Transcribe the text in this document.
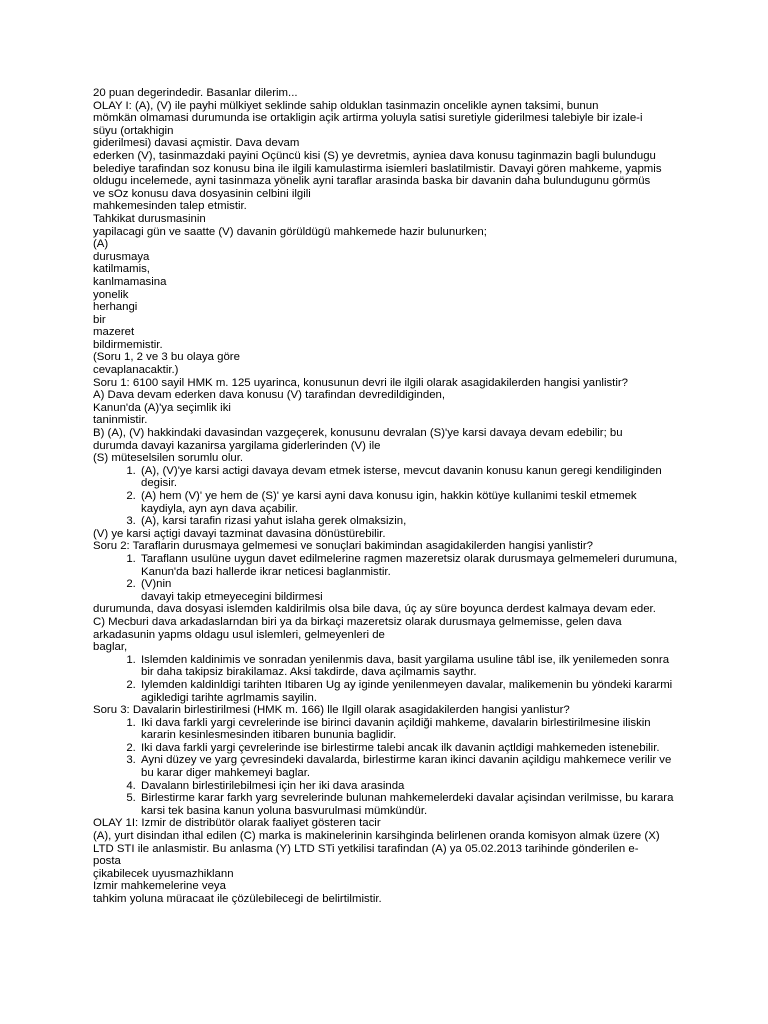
20 puan degerindedir. Basanlar dilerim...
OLAY I: (A), (V) ile payhi mülkiyet seklinde sahip olduklan tasinmazin oncelikle aynen taksimi, bunun
mömkän olmamasi durumunda ise ortakligin açik artirma yoluyla satisi suretiyle giderilmesi talebiyle bir izale-i
süyu (ortakhigin
giderilmesi) davasi açmistir. Dava devam
ederken (V), tasinmazdaki payini Oçüncü kisi (S) ye devretmis, ayniea dava konusu taginmazin bagli bulundugu
belediye tarafindan soz konusu bina ile ilgili kamulastirma isiemleri baslatilmistir. Davayi gören mahkeme, yapmis
oldugu incelemede, ayni tasinmaza yönelik ayni taraflar arasinda baska bir davanin daha bulundugunu görmüs
ve sOz konusu dava dosyasinin celbini ilgili
mahkemesinden talep etmistir.
Tahkikat durusmasinin
yapilacagi gün ve saatte (V) davanin görüldügü mahkemede hazir bulunurken;
(A)
durusmaya
katilmamis,
kanlmamasina
yonelik
herhangi
bir
mazeret
bildirmemistir.
(Soru 1, 2 ve 3 bu olaya göre
cevaplanacaktir.)
Soru 1: 6100 sayil HMK m. 125 uyarinca, konusunun devri ile ilgili olarak asagidakilerden hangisi yanlistir?
A) Dava devam ederken dava konusu (V) tarafindan devredildiginden,
Kanun'da (A)'ya seçimlik iki
taninmistir.
B) (A), (V) hakkindaki davasindan vazgeçerek, konusunu devralan (S)'ye karsi davaya devam edebilir; bu
durumda davayi kazanirsa yargilama giderlerinden (V) ile
(S) müteselsilen sorumlu olur.
1. (A), (V)'ye karsi actigi davaya devam etmek isterse, mevcut davanin konusu kanun geregi kendiliginden degisir.
2. (A) hem (V)' ye hem de (S)' ye karsi ayni dava konusu igin, hakkin kötüye kullanimi teskil etmemek kaydiyla, ayn ayn dava açabilir.
3. (A), karsi tarafin rizasi yahut islaha gerek olmaksizin,
(V) ye karsi açtigi davayi tazminat davasina dönüstürebilir.
Soru 2: Taraflarin durusmaya gelmemesi ve sonuçlari bakimindan asagidakilerden hangisi yanlistir?
1. Taraflann usulüne uygun davet edilmelerine ragmen mazeretsiz olarak durusmaya gelmemeleri durumuna, Kanun'da bazi hallerde ikrar neticesi baglanmistir.
2. (V)nin
davayi takip etmeyecegini bildirmesi
durumunda, dava dosyasi islemden kaldirilmis olsa bile dava, úç ay süre boyunca derdest kalmaya devam eder.
C) Mecburi dava arkadaslarndan biri ya da birkaçi mazeretsiz olarak durusmaya gelmemisse, gelen dava
arkadasunin yapms oldagu usul islemleri, gelmeyenleri de
baglar,
1. Islemden kaldinimis ve sonradan yenilenmis dava, basit yargilama usuline tâbl ise, ilk yenilemeden sonra bir daha takipsiz birakilamaz. Aksi takdirde, dava açilmamis saythr.
2. Iylemden kaldinldigi tarihten Itibaren Ug ay iginde yenilenmeyen davalar, malikemenin bu yöndeki kararmi agikledigi tarihte agrlmamis sayilin.
Soru 3: Davalarin birlestirilmesi (HMK m. 166) lle Ilgill olarak asagidakilerden hangisi yanlistur?
1. Iki dava farkli yargi cevrelerinde ise birinci davanin açildiği mahkeme, davalarin birlestirilmesine iliskin kararin kesinlesmesinden itibaren bununia baglidir.
2. Iki dava farkli yargi çevrelerinde ise birlestirme talebi ancak ilk davanin açtldigi mahkemeden istenebilir.
3. Ayni düzey ve yarg çevresindeki davalarda, birlestirme karan ikinci davanin açildigu mahkemece verilir ve bu karar diger mahkemeyi baglar.
4. Davalann birlestirilebilmesi için her iki dava arasinda
5. Birlestirme karar farkh yarg sevrelerinde bulunan mahkemelerdeki davalar açisindan verilmisse, bu karara karsi tek basina kanun yoluna basvurulmasi mümkündür.
OLAY 1I: Izmir de distribütör olarak faaliyet gösteren tacir
(A), yurt disindan ithal edilen (C) marka is makinelerinin karsihginda belirlenen oranda komisyon almak üzere (X)
LTD STI ile anlasmistir. Bu anlasma (Y) LTD STi yetkilisi tarafindan (A) ya 05.02.2013 tarihinde gönderilen e-
posta
çikabilecek uyusmazhiklann
Izmir mahkemelerine veya
tahkim yoluna müracaat ile çözülebilecegi de belirtilmistir.
